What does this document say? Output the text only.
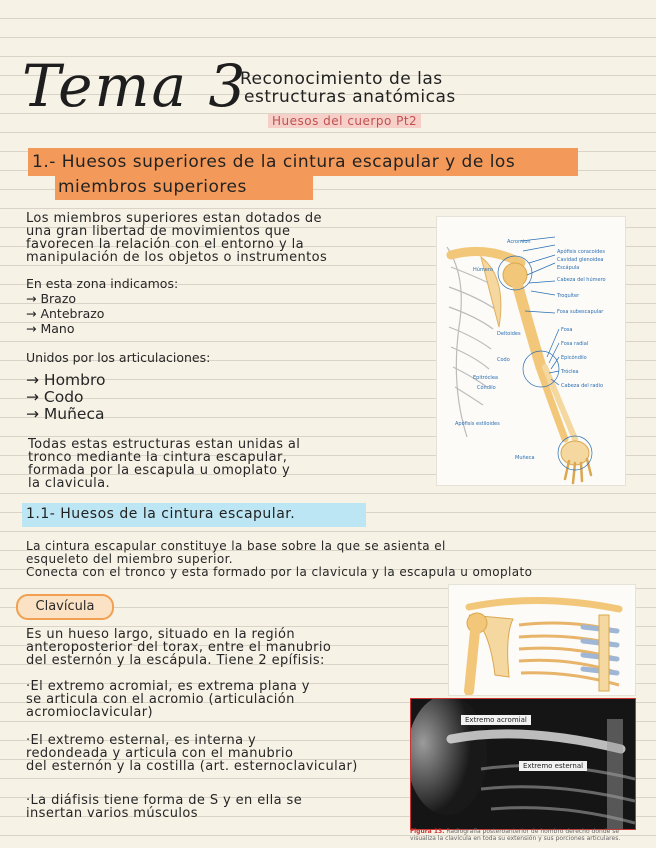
Tema 3
Reconocimiento de las
estructuras anatómicas
Huesos del cuerpo Pt2
1.- Huesos superiores de la cintura escapular y de los
miembros superiores
Los miembros superiores estan dotados de
una gran libertad de movimientos que
favorecen la relación con el entorno y la
manipulación de los objetos o instrumentos
En esta zona indicamos:
→ Brazo
→ Antebrazo
→ Mano
Unidos por los articulaciones:
→ Hombro
→ Codo
→ Muñeca
Todas estas estructuras estan unidas al
tronco mediante la cintura escapular,
formada por la escapula u omoplato y
la clavicula.
Acromion
Apófisis coracoides
Cavidad glenoidea
Escápula
Cabeza del húmero
Troquíter
Fosa subescapular
Fosa
Fosa radial
Epicóndilo
Tróclea
Cabeza del radio
Húmero
Deltoides
Codo
Epitróclea
Cóndilo
Apófisis estiloides
Muñeca
1.1- Huesos de la cintura escapular.
La cintura escapular constituye la base sobre la que se asienta el
esqueleto del miembro superior.
Conecta con el tronco y esta formado por la clavicula y la escapula u omoplato
Clavícula
Es un hueso largo, situado en la región
anteroposterior del torax, entre el manubrio
del esternón y la escápula. Tiene 2 epífisis:
·El extremo acromial, es extrema plana y
se articula con el acromio (articulación
acromioclavicular)
·El extremo esternal, es interna y
redondeada y articula con el manubrio
del esternón y la costilla (art. esternoclavicular)
·La diáfisis tiene forma de S y en ella se
insertan varios músculos
Extremo acromial
Extremo esternal
Figura 13. Radiografía posteroanterior de hombro derecho donde se visualiza la clavícula en toda su extensión y sus porciones articulares.
